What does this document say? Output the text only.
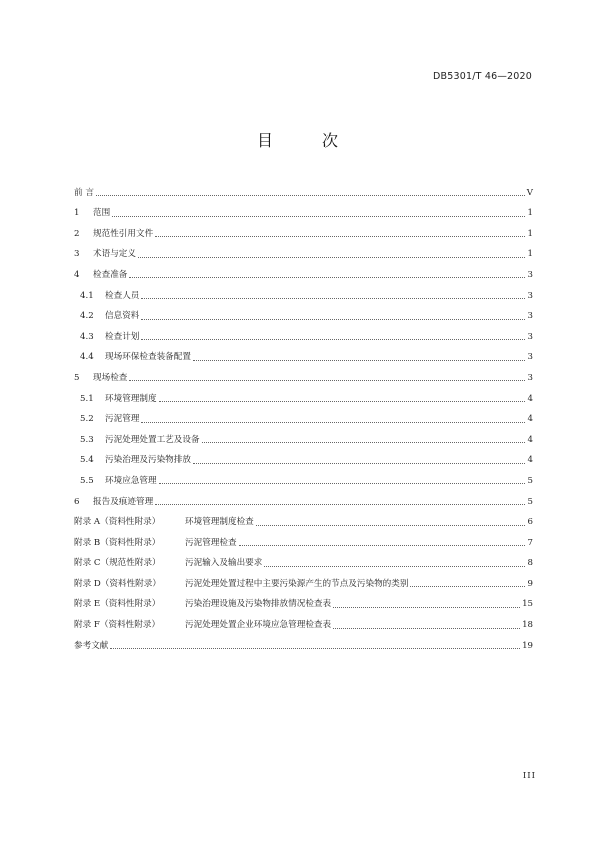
DB5301/T 46—2020
目 次
前 言	V
1	范围	1
2	规范性引用文件	1
3	术语与定义	1
4	检查准备	3
4.1	检查人员	3
4.2	信息资料	3
4.3	检查计划	3
4.4	现场环保检查装备配置	3
5	现场检查	3
5.1	环境管理制度	4
5.2	污泥管理	4
5.3	污泥处理处置工艺及设备	4
5.4	污染治理及污染物排放	4
5.5	环境应急管理	5
6	报告及痕迹管理	5
附录 A（资料性附录）	环境管理制度检查	6
附录 B（资料性附录）	污泥管理检查	7
附录 C（规范性附录）	污泥输入及输出要求	8
附录 D（资料性附录）	污泥处理处置过程中主要污染源产生的节点及污染物的类别	9
附录 E（资料性附录）	污染治理设施及污染物排放情况检查表	15
附录 F（资料性附录）	污泥处理处置企业环境应急管理检查表	18
参考文献	19
III
